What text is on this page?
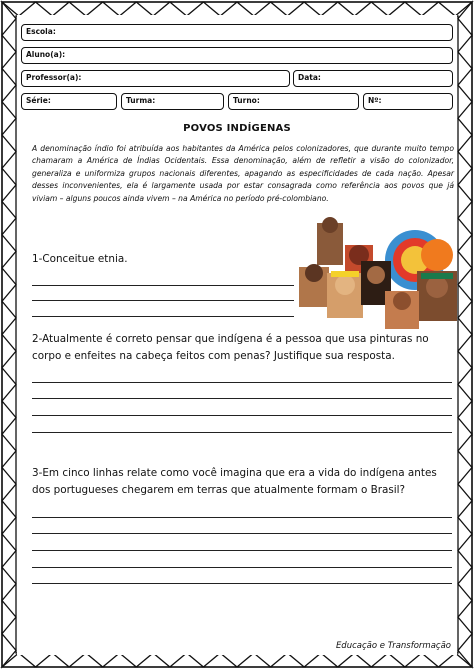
Escola:
Aluno(a):
Professor(a):	Data:
Série:	Turma:	Turno:	Nº:
POVOS INDÍGENAS
A denominação índio foi atribuída aos habitantes da América pelos colonizadores, que durante muito tempo chamaram a América de Índias Ocidentais. Essa denominação, além de refletir a visão do colonizador, generaliza e uniformiza grupos nacionais diferentes, apagando as especificidades de cada nação. Apesar desses inconvenientes, ela é largamente usada por estar consagrada como referência aos povos que já viviam – alguns poucos ainda vivem – na América no período pré-colombiano.
1-Conceitue etnia.
2-Atualmente é correto pensar que indígena é a pessoa que usa pinturas no corpo e enfeites na cabeça feitos com penas? Justifique sua resposta.
3-Em cinco linhas relate como você imagina que era a vida do indígena antes dos portugueses chegarem em terras que atualmente formam o Brasil?
Educação e Transformação
